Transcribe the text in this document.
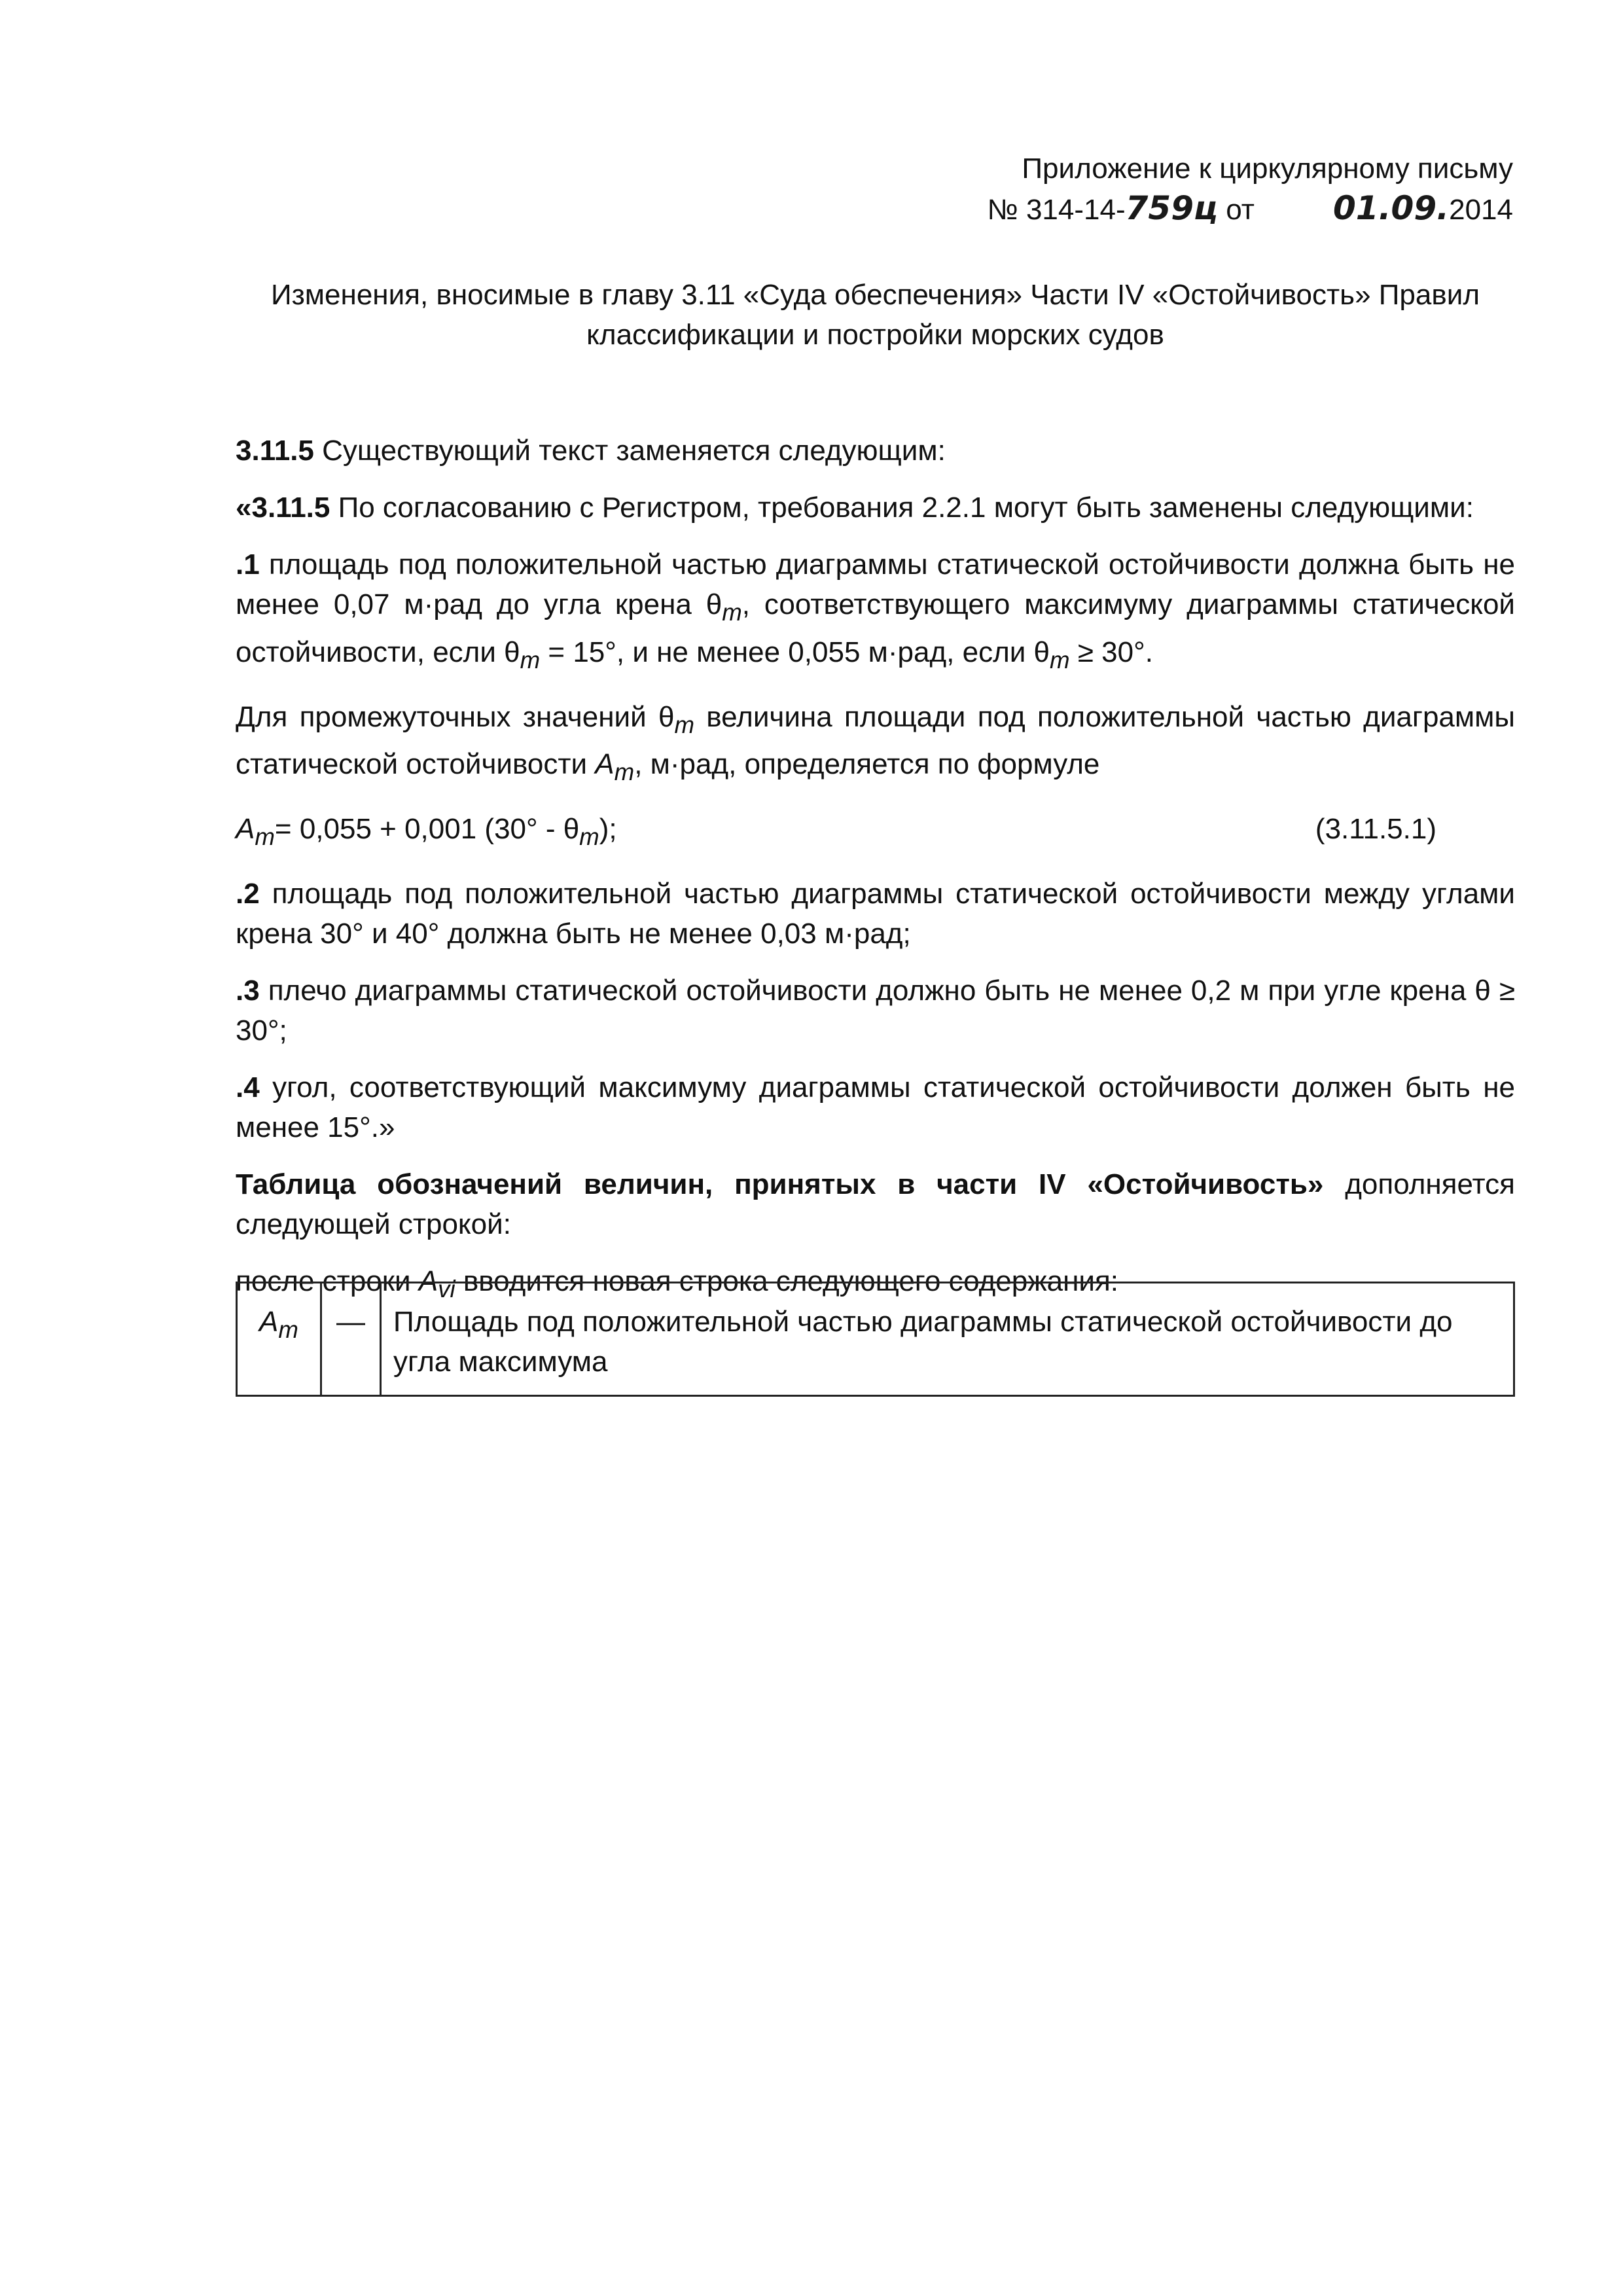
Приложение к циркулярному письму
№ 314-14-759ц от 01.09.2014
Изменения, вносимые в главу 3.11 «Суда обеспечения» Части IV «Остойчивость» Правил
классификации и постройки морских судов

3.11.5 Существующий текст заменяется следующим:

«3.11.5 По согласованию с Регистром, требования 2.2.1 могут быть заменены следующими:

.1 площадь под положительной частью диаграммы статической остойчивости должна быть не менее 0,07 м·рад до угла крена $\theta_m$, соответствующего максимуму диаграммы статической остойчивости, если $\theta_m = 15^\circ$, и не менее 0,055 м·рад, если $\theta_m \ge 30^\circ$.

Для промежуточных значений $\theta_m$ величина площади под положительной частью диаграммы статической остойчивости $A_m$, м·рад, определяется по формуле

$A_m= 0,055 + 0,001$ $(30^\circ - \theta_m)$;	(3.11.5.1)

.2 площадь под положительной частью диаграммы статической остойчивости между углами крена 30° и 40° должна быть не менее 0,03 м·рад;

.3 плечо диаграммы статической остойчивости должно быть не менее 0,2 м при угле крена θ ≥ 30°;

.4 угол, соответствующий максимуму диаграммы статической остойчивости должен быть не менее 15°.»

Таблица обозначений величин, принятых в части IV «Остойчивость» дополняется следующей строкой:

после строки $A_{vi}$ вводится новая строка следующего содержания:

$A_m$	—	Площадь под положительной частью диаграммы статической остойчивости до угла максимума
